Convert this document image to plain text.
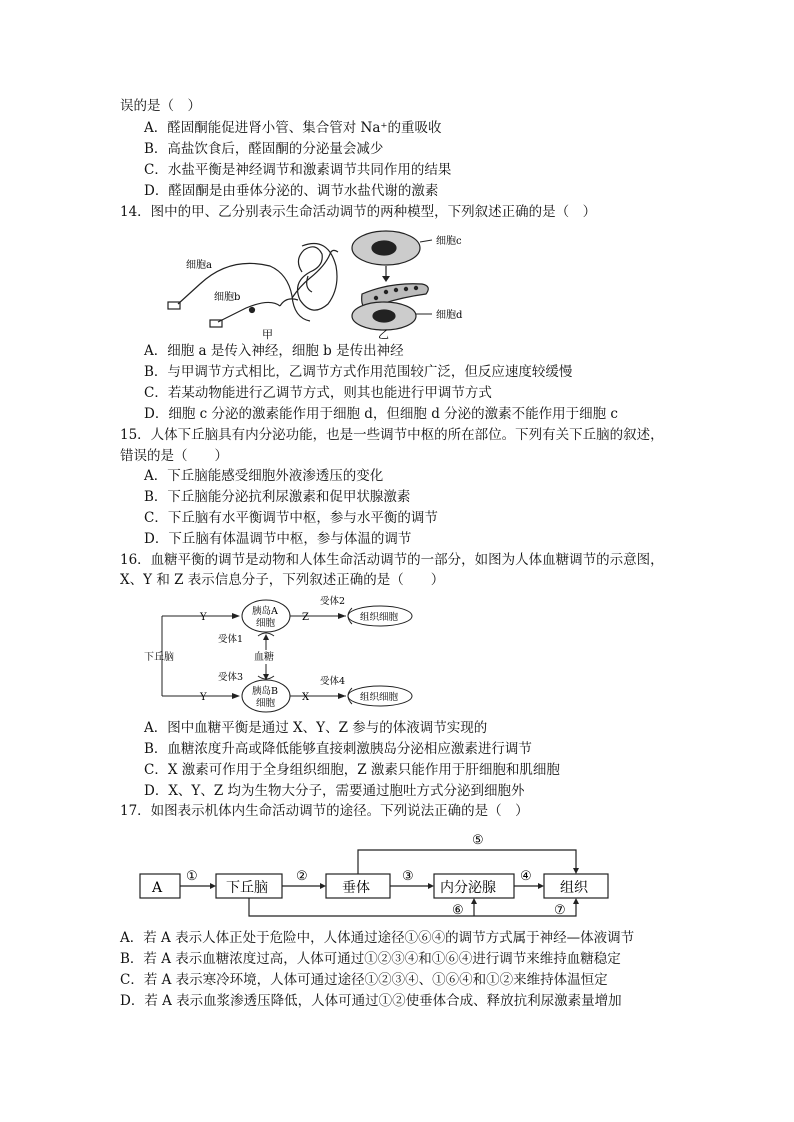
误的是（　）
A．醛固酮能促进肾小管、集合管对 Na⁺的重吸收
B．高盐饮食后，醛固酮的分泌量会减少
C．水盐平衡是神经调节和激素调节共同作用的结果
D．醛固酮是由垂体分泌的、调节水盐代谢的激素
14．图中的甲、乙分别表示生命活动调节的两种模型，下列叙述正确的是（　）
细胞a
细胞b
甲
细胞c
细胞d
乙
A．细胞 a 是传入神经，细胞 b 是传出神经
B．与甲调节方式相比，乙调节方式作用范围较广泛，但反应速度较缓慢
C．若某动物能进行乙调节方式，则其也能进行甲调节方式
D．细胞 c 分泌的激素能作用于细胞 d，但细胞 d 分泌的激素不能作用于细胞 c
15．人体下丘脑具有内分泌功能，也是一些调节中枢的所在部位。下列有关下丘脑的叙述，
错误的是（　　）
A．下丘脑能感受细胞外液渗透压的变化
B．下丘脑能分泌抗利尿激素和促甲状腺激素
C．下丘脑有水平衡调节中枢，参与水平衡的调节
D．下丘脑有体温调节中枢，参与体温的调节
16．血糖平衡的调节是动物和人体生命活动调节的一部分，如图为人体血糖调节的示意图，
X、Y 和 Z 表示信息分子，下列叙述正确的是（　　）
下丘脑
Y
Y
胰岛A
细胞
胰岛B
细胞
Z
X
受体2
受体4
受体1
受体3
血糖
组织细胞
组织细胞
A．图中血糖平衡是通过 X、Y、Z 参与的体液调节实现的
B．血糖浓度升高或降低能够直接刺激胰岛分泌相应激素进行调节
C．X 激素可作用于全身组织细胞，Z 激素只能作用于肝细胞和肌细胞
D．X、Y、Z 均为生物大分子，需要通过胞吐方式分泌到细胞外
17．如图表示机体内生命活动调节的途径。下列说法正确的是（　）
A	下丘脑	垂体	内分泌腺	组织
①	②	③	④
⑤
⑥	⑦
A．若 A 表示人体正处于危险中，人体通过途径①⑥④的调节方式属于神经—体液调节
B．若 A 表示血糖浓度过高，人体可通过①②③④和①⑥④进行调节来维持血糖稳定
C．若 A 表示寒冷环境，人体可通过途径①②③④、①⑥④和①②来维持体温恒定
D．若 A 表示血浆渗透压降低，人体可通过①②使垂体合成、释放抗利尿激素量增加
